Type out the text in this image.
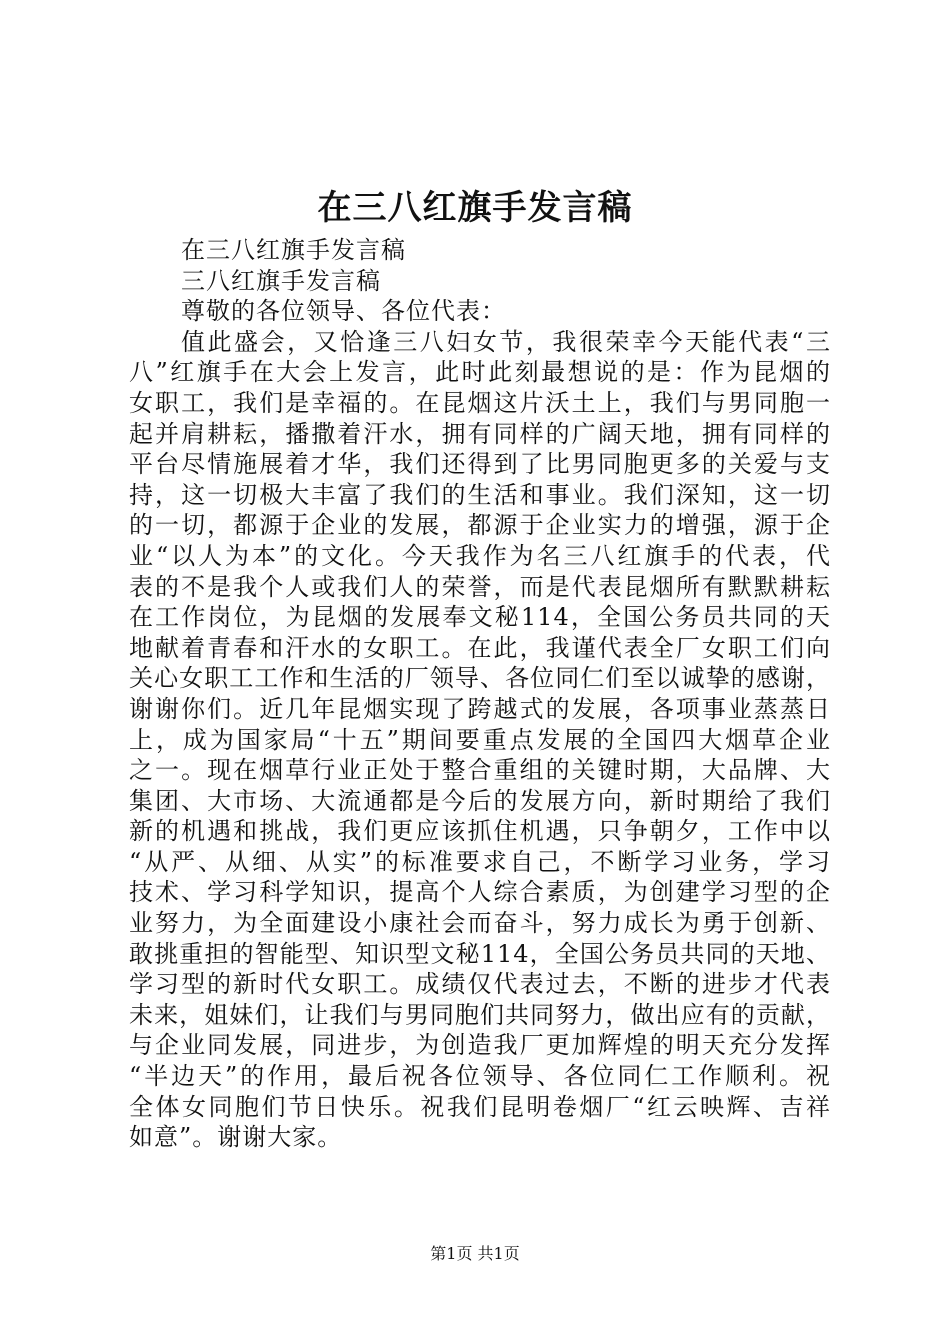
在三八红旗手发言稿
在三八红旗手发言稿
三八红旗手发言稿
尊敬的各位领导、各位代表：
值此盛会，又恰逢三八妇女节，我很荣幸今天能代表“三
八”红旗手在大会上发言，此时此刻最想说的是：作为昆烟的
女职工，我们是幸福的。在昆烟这片沃土上，我们与男同胞一
起并肩耕耘，播撒着汗水，拥有同样的广阔天地，拥有同样的
平台尽情施展着才华，我们还得到了比男同胞更多的关爱与支
持，这一切极大丰富了我们的生活和事业。我们深知，这一切
的一切，都源于企业的发展，都源于企业实力的增强，源于企
业“以人为本”的文化。今天我作为名三八红旗手的代表，代
表的不是我个人或我们人的荣誉，而是代表昆烟所有默默耕耘
在工作岗位，为昆烟的发展奉文秘114，全国公务员共同的天
地献着青春和汗水的女职工。在此，我谨代表全厂女职工们向
关心女职工工作和生活的厂领导、各位同仁们至以诚挚的感谢，
谢谢你们。近几年昆烟实现了跨越式的发展，各项事业蒸蒸日
上，成为国家局“十五”期间要重点发展的全国四大烟草企业
之一。现在烟草行业正处于整合重组的关键时期，大品牌、大
集团、大市场、大流通都是今后的发展方向，新时期给了我们
新的机遇和挑战，我们更应该抓住机遇，只争朝夕，工作中以
“从严、从细、从实”的标准要求自己，不断学习业务，学习
技术、学习科学知识，提高个人综合素质，为创建学习型的企
业努力，为全面建设小康社会而奋斗，努力成长为勇于创新、
敢挑重担的智能型、知识型文秘114，全国公务员共同的天地、
学习型的新时代女职工。成绩仅代表过去，不断的进步才代表
未来，姐妹们，让我们与男同胞们共同努力，做出应有的贡献，
与企业同发展，同进步，为创造我厂更加辉煌的明天充分发挥
“半边天”的作用，最后祝各位领导、各位同仁工作顺利。祝
全体女同胞们节日快乐。祝我们昆明卷烟厂“红云映辉、吉祥
如意”。谢谢大家。
第1页 共1页
